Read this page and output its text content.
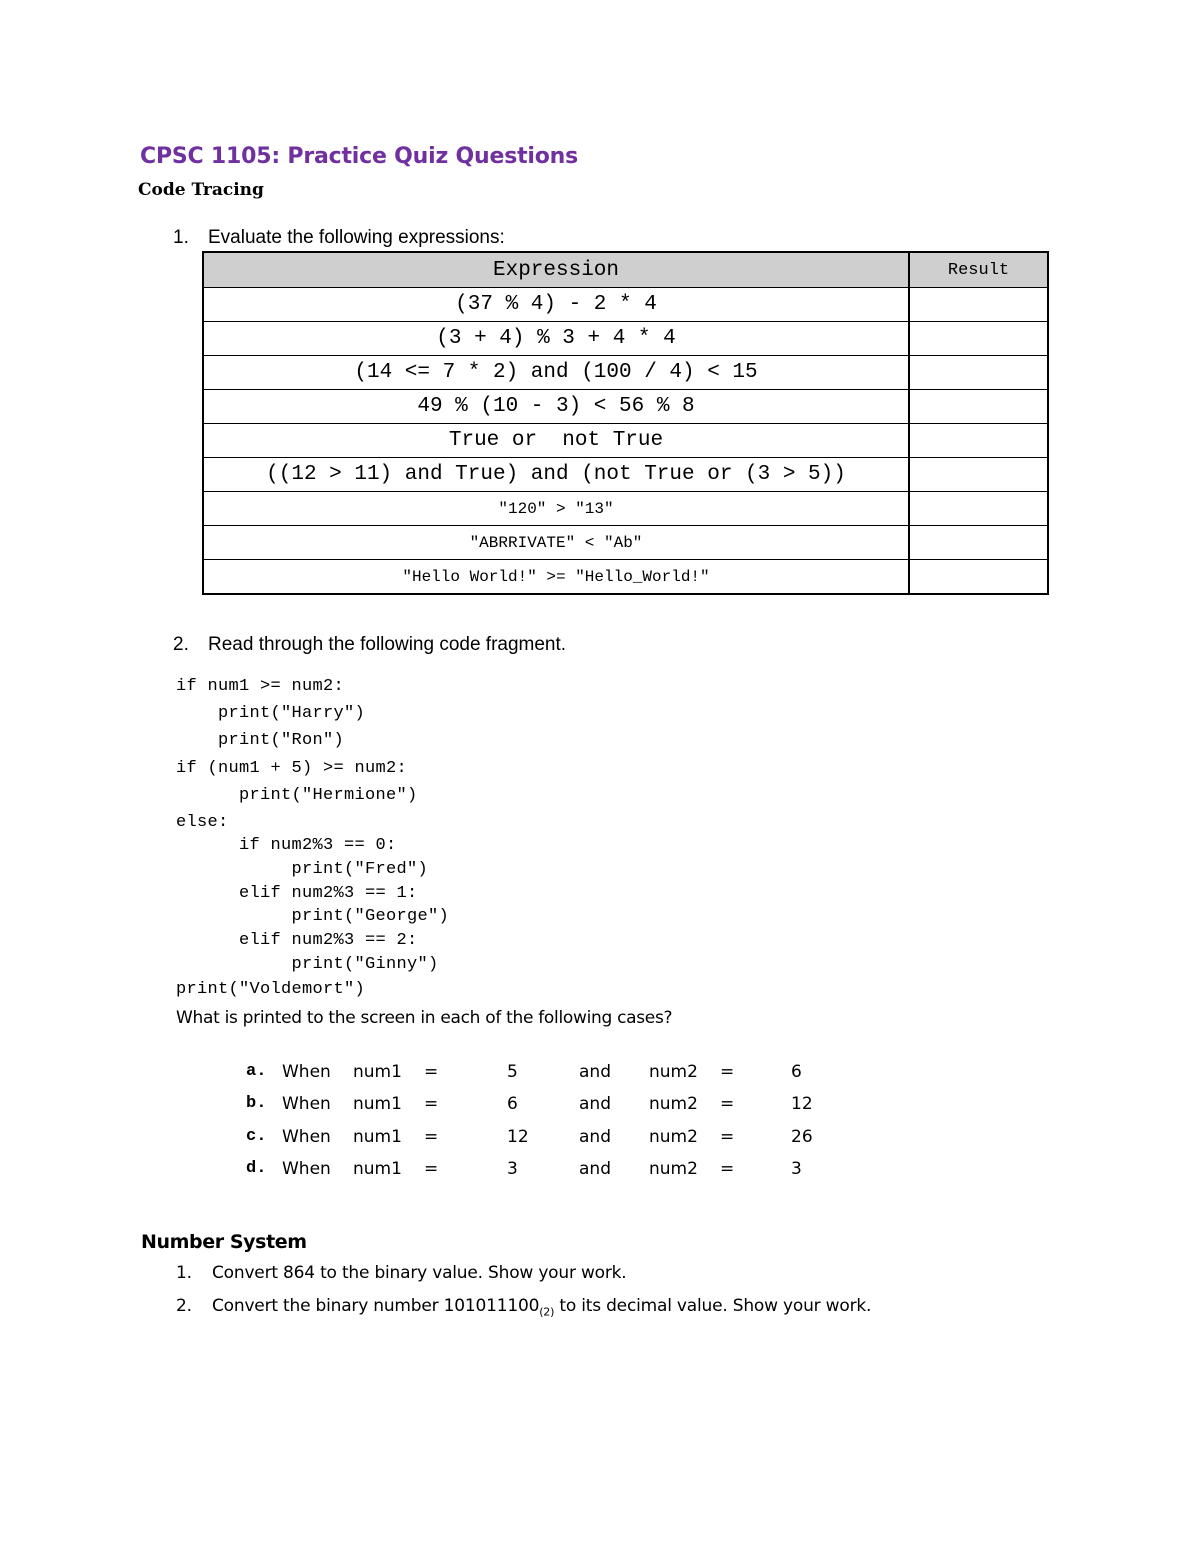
CPSC 1105: Practice Quiz Questions
Code Tracing
1. Evaluate the following expressions:
Expression	Result
(37 % 4) - 2 * 4	
(3 + 4) % 3 + 4 * 4	
(14 <= 7 * 2) and (100 / 4) < 15	
49 % (10 - 3) < 56 % 8	
True or  not True	
((12 > 11) and True) and (not True or (3 > 5))	
"120" > "13"	
"ABRRIVATE" < "Ab"	
"Hello World!" >= "Hello_World!"	
2. Read through the following code fragment.
if num1 >= num2:
print("Harry")
print("Ron")
if (num1 + 5) >= num2:
print("Hermione")
else:
if num2%3 == 0:
print("Fred")
elif num2%3 == 1:
print("George")
elif num2%3 == 2:
print("Ginny")
print("Voldemort")
What is printed to the screen in each of the following cases?
a. When num1 =	5	and num2 =	6
b. When num1 =	6	and num2 =	12
c. When num1 =	12	and num2 =	26
d. When num1 =	3	and num2 =	3
Number System
1. Convert 864 to the binary value. Show your work.
2. Convert the binary number $101011100_{(2)}$ to its decimal value. Show your work.
